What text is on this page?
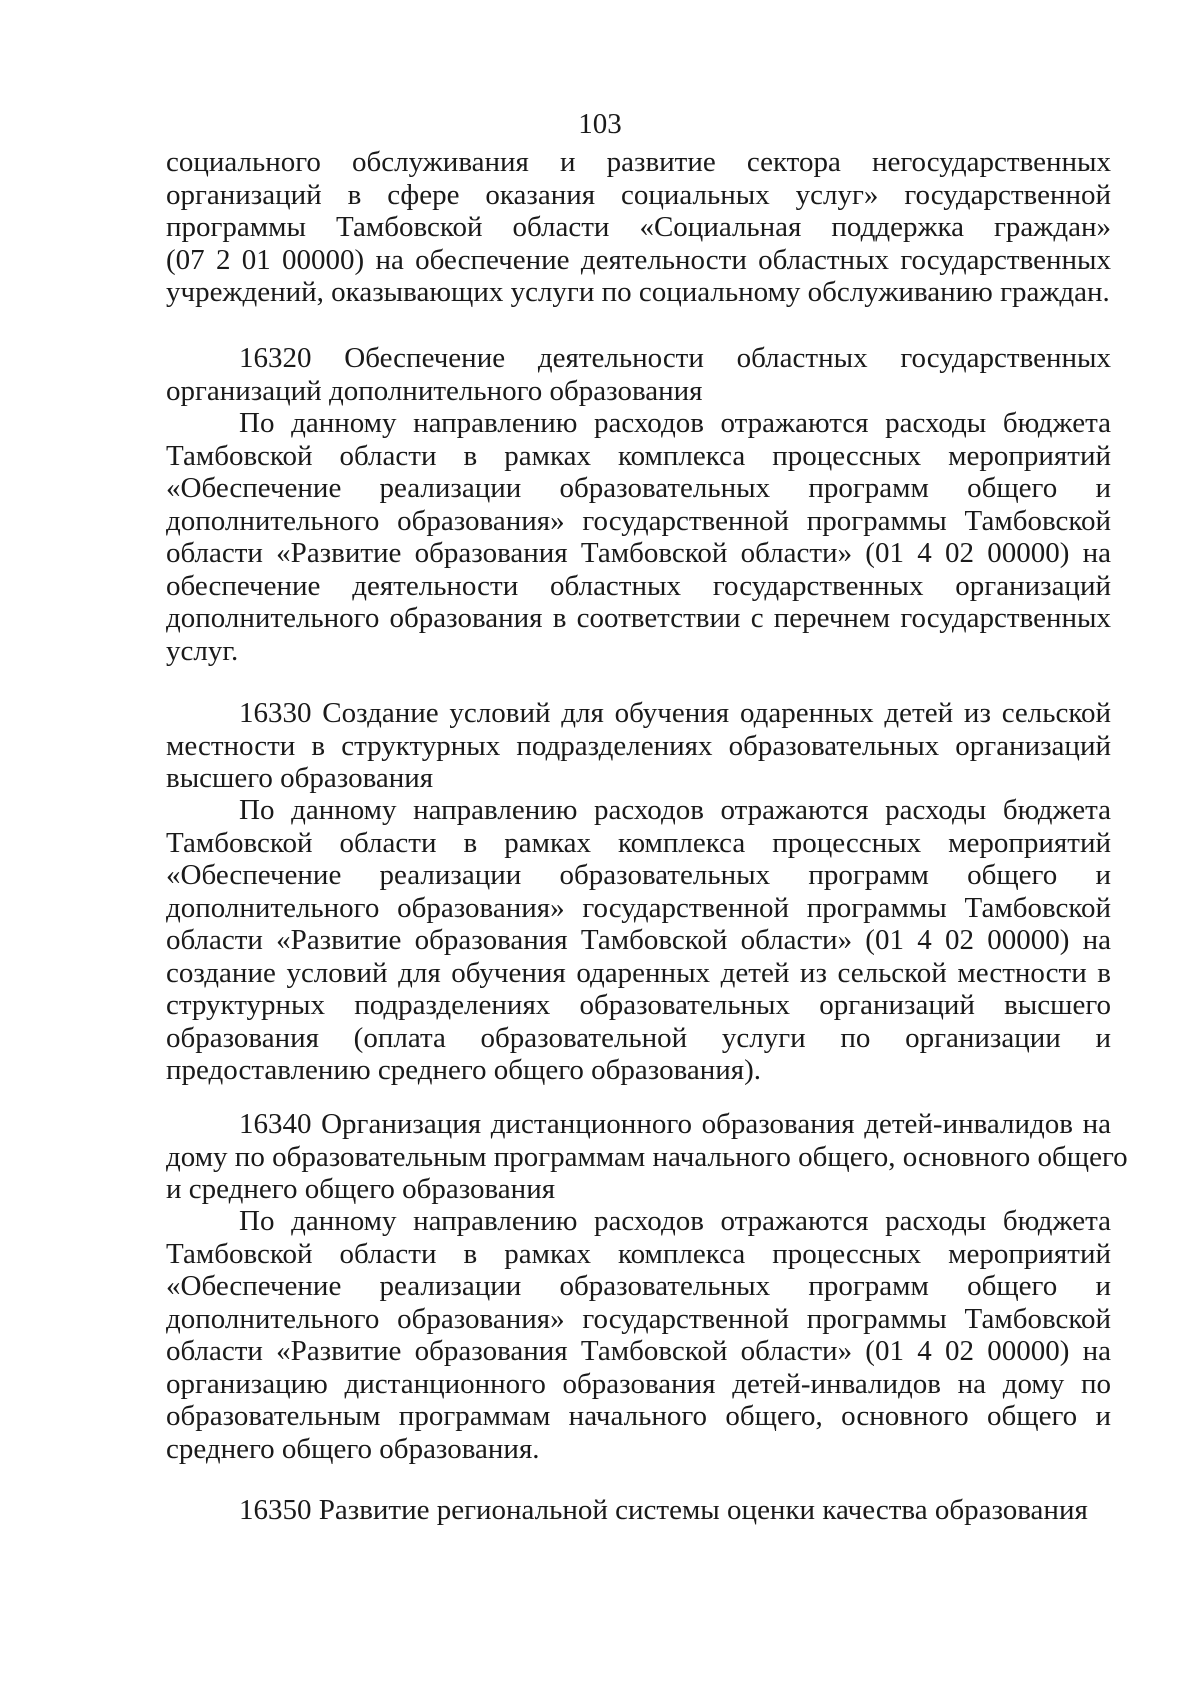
103
социального обслуживания и развитие сектора негосударственных
организаций в сфере оказания социальных услуг» государственной
программы Тамбовской области «Социальная поддержка граждан»
(07 2 01 00000) на обеспечение деятельности областных государственных
учреждений, оказывающих услуги по социальному обслуживанию граждан.
16320 Обеспечение деятельности областных государственных
организаций дополнительного образования
По данному направлению расходов отражаются расходы бюджета
Тамбовской области в рамках комплекса процессных мероприятий
«Обеспечение реализации образовательных программ общего и
дополнительного образования» государственной программы Тамбовской
области «Развитие образования Тамбовской области» (01 4 02 00000) на
обеспечение деятельности областных государственных организаций
дополнительного образования в соответствии с перечнем государственных
услуг.
16330 Создание условий для обучения одаренных детей из сельской
местности в структурных подразделениях образовательных организаций
высшего образования
По данному направлению расходов отражаются расходы бюджета
Тамбовской области в рамках комплекса процессных мероприятий
«Обеспечение реализации образовательных программ общего и
дополнительного образования» государственной программы Тамбовской
области «Развитие образования Тамбовской области» (01 4 02 00000) на
создание условий для обучения одаренных детей из сельской местности в
структурных подразделениях образовательных организаций высшего
образования (оплата образовательной услуги по организации и
предоставлению среднего общего образования).
16340 Организация дистанционного образования детей-инвалидов на
дому по образовательным программам начального общего, основного общего
и среднего общего образования
По данному направлению расходов отражаются расходы бюджета
Тамбовской области в рамках комплекса процессных мероприятий
«Обеспечение реализации образовательных программ общего и
дополнительного образования» государственной программы Тамбовской
области «Развитие образования Тамбовской области» (01 4 02 00000) на
организацию дистанционного образования детей-инвалидов на дому по
образовательным программам начального общего, основного общего и
среднего общего образования.
16350 Развитие региональной системы оценки качества образования
